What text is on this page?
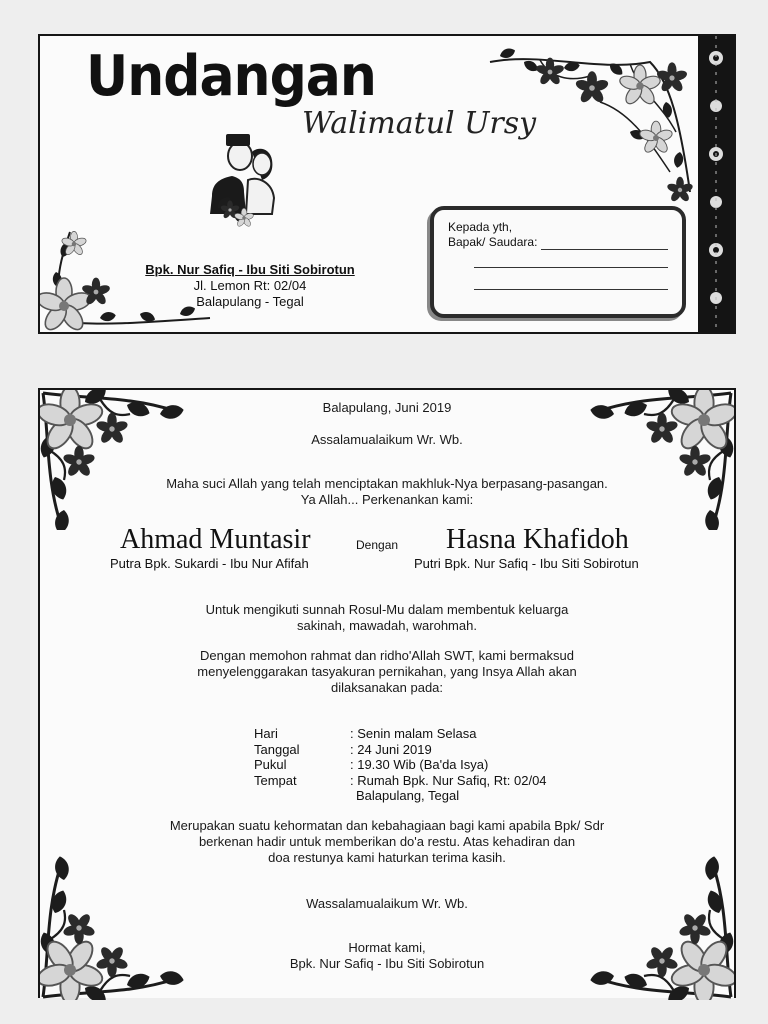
Undangan
Walimatul Ursy
Bpk. Nur Safiq - Ibu Siti Sobirotun
Jl. Lemon Rt: 02/04
Balapulang - Tegal
Kepada yth,
Bapak/ Saudara:
Balapulang, Juni 2019
Assalamualaikum Wr. Wb.
Maha suci Allah yang telah menciptakan makhluk-Nya berpasang-pasangan.
Ya Allah... Perkenankan kami:
Ahmad Muntasir	Dengan Hasna Khafidoh
Putra Bpk. Sukardi - Ibu Nur Afifah	Putri Bpk. Nur Safiq - Ibu Siti Sobirotun
Untuk mengikuti sunnah Rosul-Mu dalam membentuk keluarga
sakinah, mawadah, warohmah.
Dengan memohon rahmat dan ridho'Allah SWT, kami bermaksud
menyelenggarakan tasyakuran pernikahan, yang Insya Allah akan
dilaksanakan pada:
Hari	: Senin malam Selasa
Tanggal	: 24 Juni 2019
Pukul	: 19.30 Wib (Ba'da Isya)
Tempat	: Rumah Bpk. Nur Safiq, Rt: 02/04
	Balapulang, Tegal
Merupakan suatu kehormatan dan kebahagiaan bagi kami apabila Bpk/ Sdr
berkenan hadir untuk memberikan do'a restu. Atas kehadiran dan
doa restunya kami haturkan terima kasih.
Wassalamualaikum Wr. Wb.
Hormat kami,
Bpk. Nur Safiq - Ibu Siti Sobirotun
